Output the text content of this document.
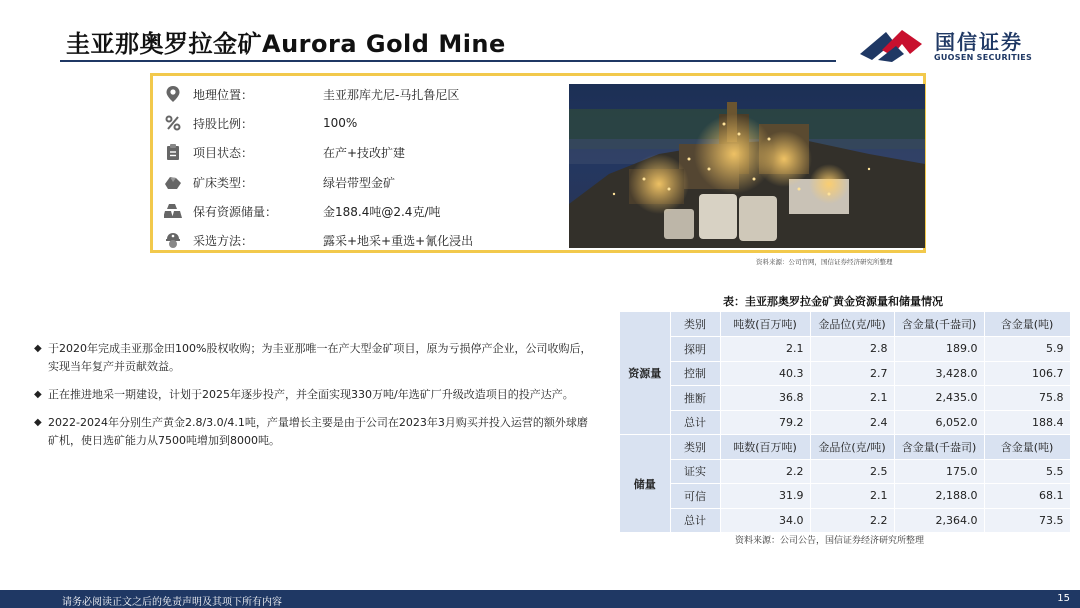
圭亚那奥罗拉金矿Aurora Gold Mine	国信证券
GUOSEN SECURITIES
地理位置：	圭亚那库尤尼-马扎鲁尼区
持股比例：	100%
项目状态：	在产+技改扩建
矿床类型：	绿岩带型金矿
保有资源储量：	金188.4吨@2.4克/吨
采选方法：	露采+地采+重选+氰化浸出
资料来源：公司官网，国信证券经济研究所整理
◆ 于2020年完成圭亚那金田100%股权收购；为圭亚那唯一在产大型金矿项目，原为亏损停产企业，公司收购后，实现当年复产并贡献效益。
◆ 正在推进地采一期建设，计划于2025年逐步投产，并全面实现330万吨/年选矿厂升级改造项目的投产达产。
◆ 2022-2024年分别生产黄金2.8/3.0/4.1吨，产量增长主要是由于公司在2023年3月购买并投入运营的额外球磨矿机，使日选矿能力从7500吨增加到8000吨。
表：圭亚那奥罗拉金矿黄金资源量和储量情况
资源量	类别	吨数(百万吨)	金品位(克/吨)	含金量(千盎司)	含金量(吨)
	探明	2.1	2.8	189.0	5.9
	控制	40.3	2.7	3,428.0	106.7
	推断	36.8	2.1	2,435.0	75.8
	总计	79.2	2.4	6,052.0	188.4
储量	类别	吨数(百万吨)	金品位(克/吨)	含金量(千盎司)	含金量(吨)
	证实	2.2	2.5	175.0	5.5
	可信	31.9	2.1	2,188.0	68.1
	总计	34.0	2.2	2,364.0	73.5
资料来源：公司公告，国信证券经济研究所整理
请务必阅读正文之后的免责声明及其项下所有内容	15
